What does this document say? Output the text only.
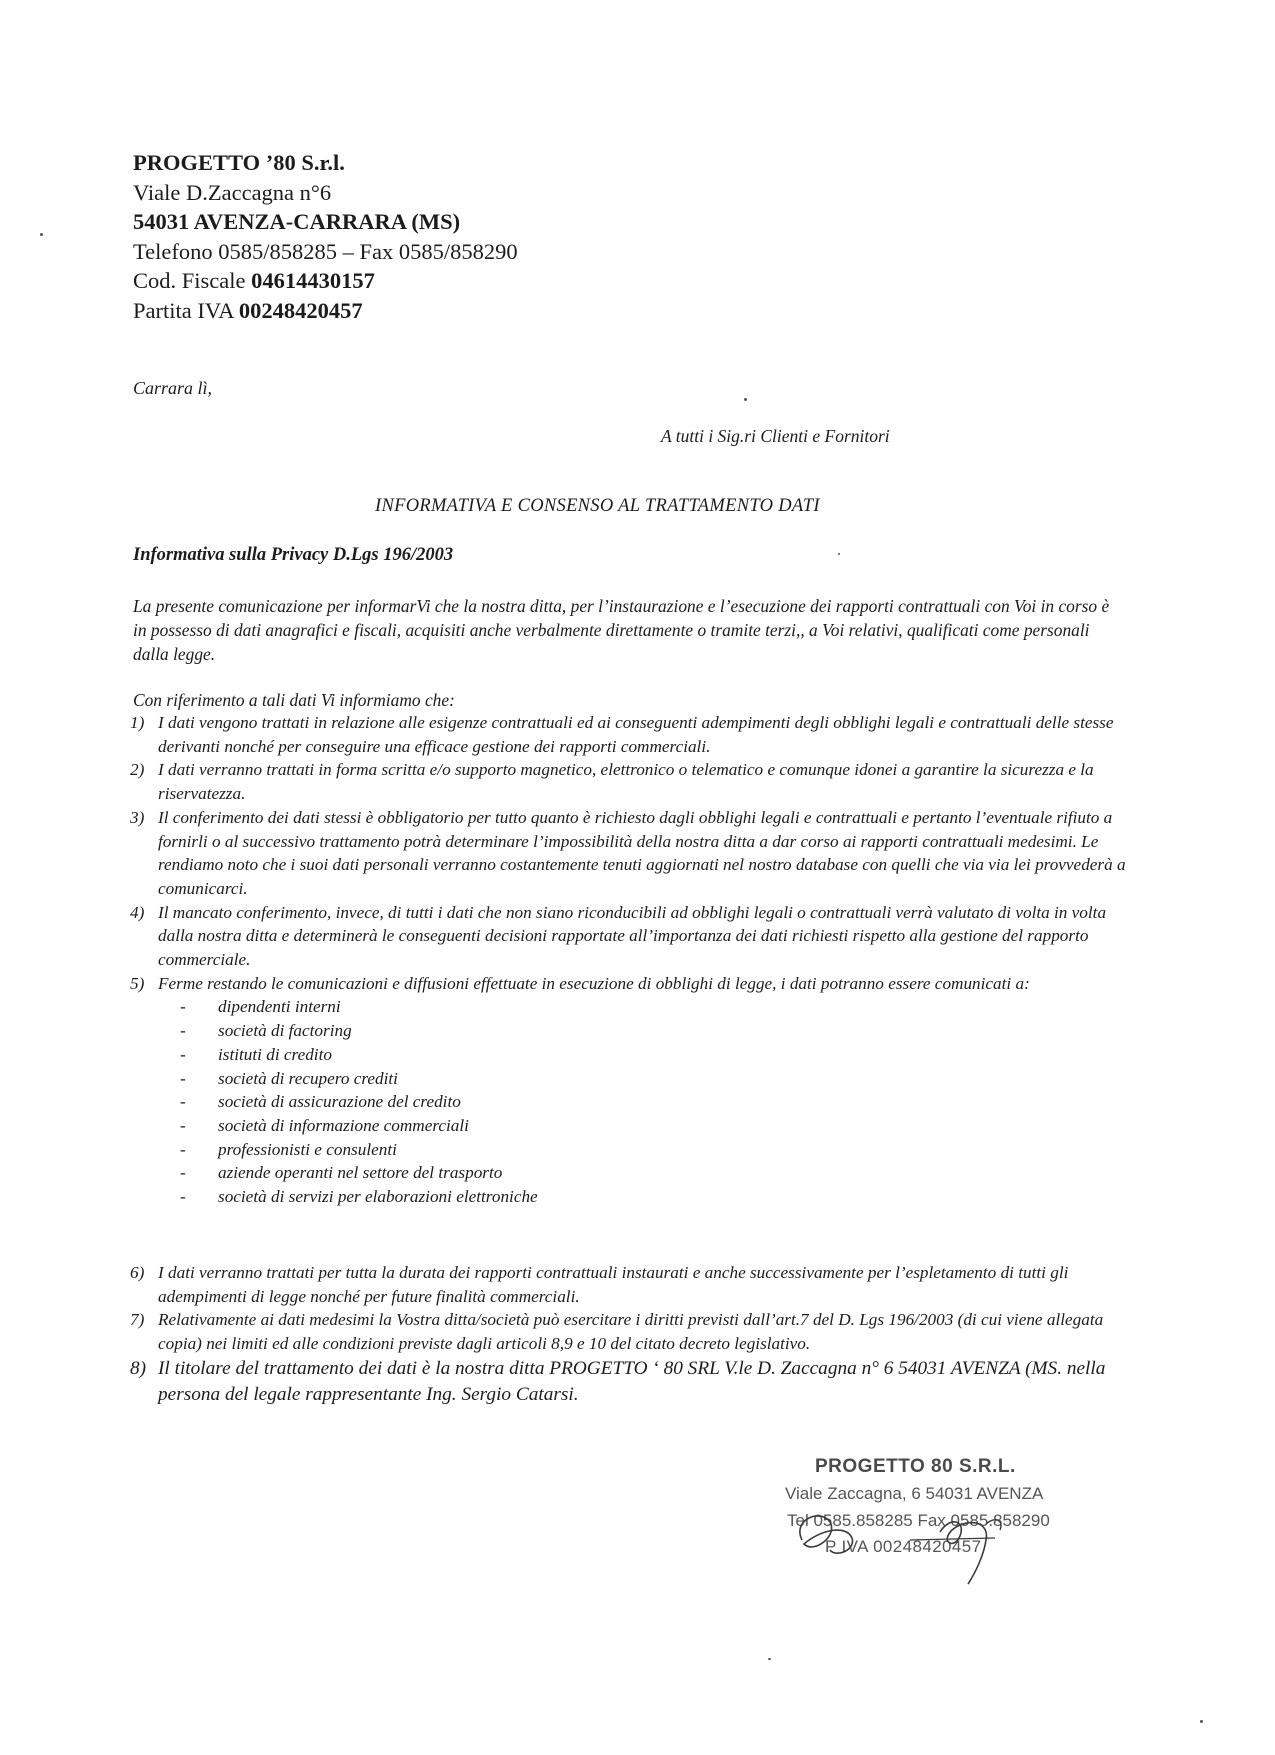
PROGETTO ’80 S.r.l.
Viale D.Zaccagna n°6
54031 AVENZA-CARRARA (MS)
Telefono 0585/858285 – Fax 0585/858290
Cod. Fiscale 04614430157
Partita IVA 00248420457
Carrara lì,
A tutti i Sig.ri Clienti e Fornitori
INFORMATIVA E CONSENSO AL TRATTAMENTO DATI
Informativa sulla Privacy D.Lgs 196/2003

La presente comunicazione per informarVi che la nostra ditta, per l’instaurazione e l’esecuzione dei rapporti contrattuali con Voi in corso è in possesso di dati anagrafici e fiscali, acquisiti anche verbalmente direttamente o tramite terzi,, a Voi relativi, qualificati come personali dalla legge.

Con riferimento a tali dati Vi informiamo che:

1) I dati vengono trattati in relazione alle esigenze contrattuali ed ai conseguenti adempimenti degli obblighi legali e contrattuali delle stesse derivanti nonché per conseguire una efficace gestione dei rapporti commerciali.
2) I dati verranno trattati in forma scritta e/o supporto magnetico, elettronico o telematico e comunque idonei a garantire la sicurezza e la riservatezza.
3) Il conferimento dei dati stessi è obbligatorio per tutto quanto è richiesto dagli obblighi legali e contrattuali e pertanto l’eventuale rifiuto a fornirli o al successivo trattamento potrà determinare l’impossibilità della nostra ditta a dar corso ai rapporti contrattuali medesimi. Le rendiamo noto che i suoi dati personali verranno costantemente tenuti aggiornati nel nostro database con quelli che via via lei provvederà a comunicarci.
4) Il mancato conferimento, invece, di tutti i dati che non siano riconducibili ad obblighi legali o contrattuali verrà valutato di volta in volta dalla nostra ditta e determinerà le conseguenti decisioni rapportate all’importanza dei dati richiesti rispetto alla gestione del rapporto commerciale.
5) Ferme restando le comunicazioni e diffusioni effettuate in esecuzione di obblighi di legge, i dati potranno essere comunicati a:
- dipendenti interni
- società di factoring
- istituti di credito
- società di recupero crediti
- società di assicurazione del credito
- società di informazione commerciali
- professionisti e consulenti
- aziende operanti nel settore del trasporto
- società di servizi per elaborazioni elettroniche
6) I dati verranno trattati per tutta la durata dei rapporti contrattuali instaurati e anche successivamente per l’espletamento di tutti gli adempimenti di legge nonché per future finalità commerciali.
7) Relativamente ai dati medesimi la Vostra ditta/società può esercitare i diritti previsti dall’art.7 del D. Lgs 196/2003 (di cui viene allegata copia) nei limiti ed alle condizioni previste dagli articoli 8,9 e 10 del citato decreto legislativo.
8) Il titolare del trattamento dei dati è la nostra ditta PROGETTO ‘ 80 SRL V.le D. Zaccagna n° 6 54031 AVENZA (MS. nella persona del legale rappresentante Ing. Sergio Catarsi.
PROGETTO 80 S.R.L.
Viale Zaccagna, 6 54031 AVENZA
Tel 0585.858285 Fax 0585.858290
P IVA 00248420457
